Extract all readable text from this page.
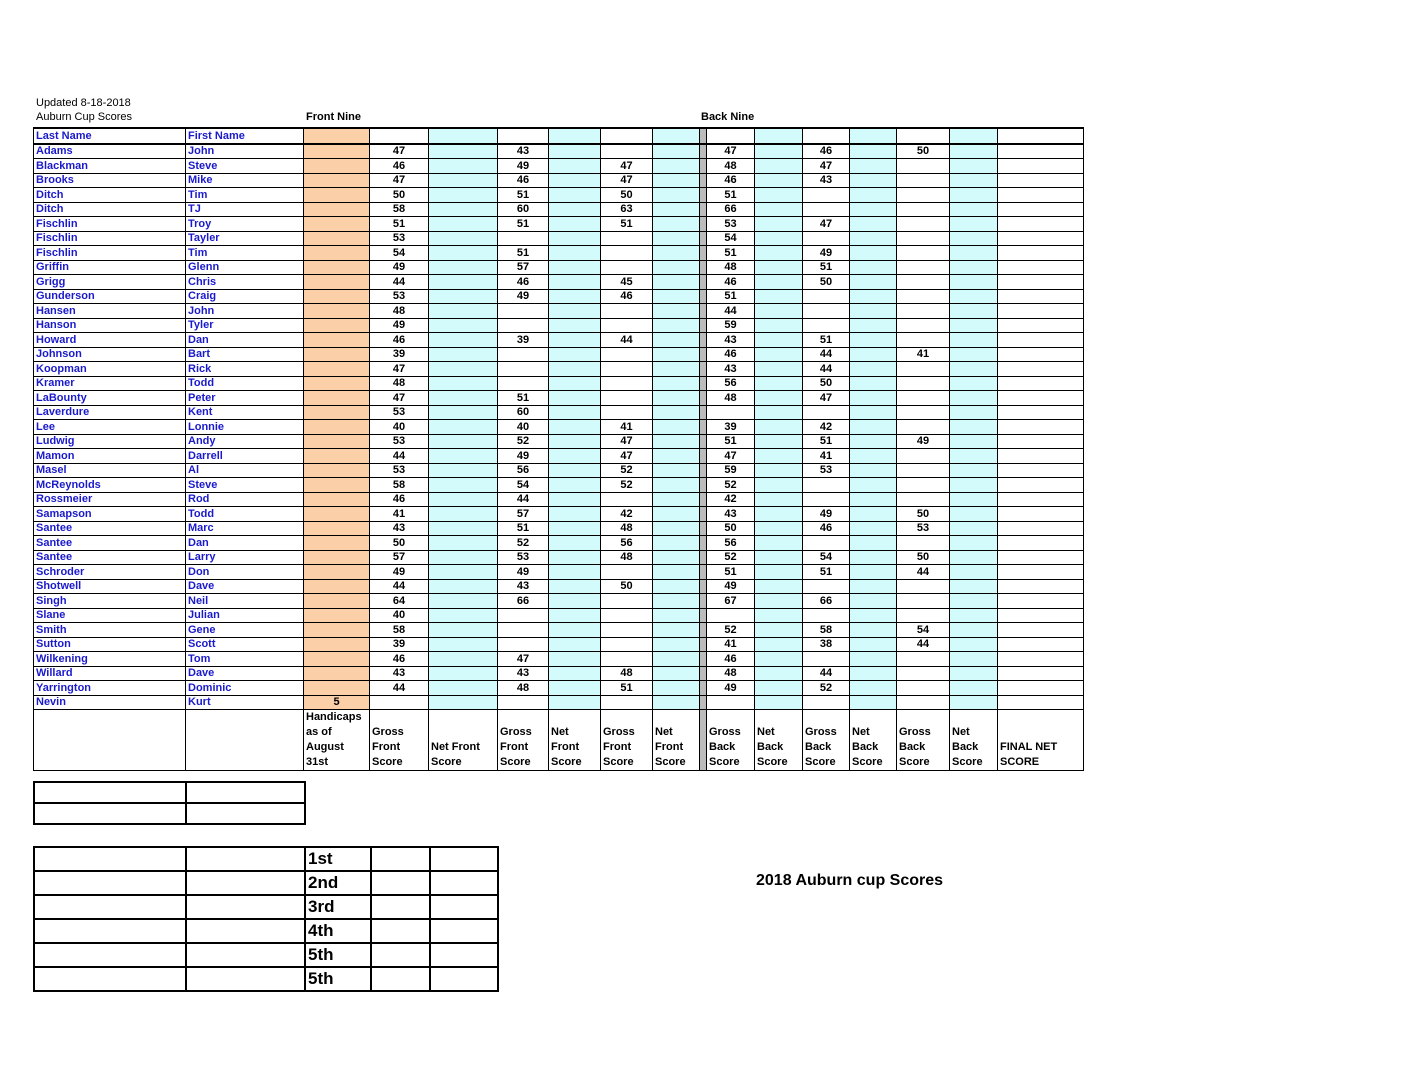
Updated 8-18-2018
Auburn Cup Scores	Front Nine	Back Nine
Last Name	First Name															
Adams	John		47		43					47		46		50		
Blackman	Steve		46		49		47			48		47				
Brooks	Mike		47		46		47			46		43				
Ditch	Tim		50		51		50			51						
Ditch	TJ		58		60		63			66						
Fischlin	Troy		51		51		51			53		47				
Fischlin	Tayler		53							54						
Fischlin	Tim		54		51					51		49				
Griffin	Glenn		49		57					48		51				
Grigg	Chris		44		46		45			46		50				
Gunderson	Craig		53		49		46			51						
Hansen	John		48							44						
Hanson	Tyler		49							59						
Howard	Dan		46		39		44			43		51				
Johnson	Bart		39							46		44		41		
Koopman	Rick		47							43		44				
Kramer	Todd		48							56		50				
LaBounty	Peter		47		51					48		47				
Laverdure	Kent		53		60											
Lee	Lonnie		40		40		41			39		42				
Ludwig	Andy		53		52		47			51		51		49		
Mamon	Darrell		44		49		47			47		41				
Masel	Al		53		56		52			59		53				
McReynolds	Steve		58		54		52			52						
Rossmeier	Rod		46		44					42						
Samapson	Todd		41		57		42			43		49		50		
Santee	Marc		43		51		48			50		46		53		
Santee	Dan		50		52		56			56						
Santee	Larry		57		53		48			52		54		50		
Schroder	Don		49		49					51		51		44		
Shotwell	Dave		44		43		50			49						
Singh	Neil		64		66					67		66				
Slane	Julian		40													
Smith	Gene		58							52		58		54		
Sutton	Scott		39							41		38		44		
Wilkening	Tom		46		47					46						
Willard	Dave		43		43		48			48		44				
Yarrington	Dominic		44		48		51			49		52				
Nevin	Kurt	5														
		Handicaps as of August 31st	Gross Front Score	Net Front Score	Gross Front Score	Net Front Score	Gross Front Score	Net Front Score		Gross Back Score	Net Back Score	Gross Back Score	Net Back Score	Gross Back Score	Net Back Score	FINAL NET SCORE

		1st		
		2nd		
		3rd		
		4th		
		5th		
		5th		
2018 Auburn cup Scores
